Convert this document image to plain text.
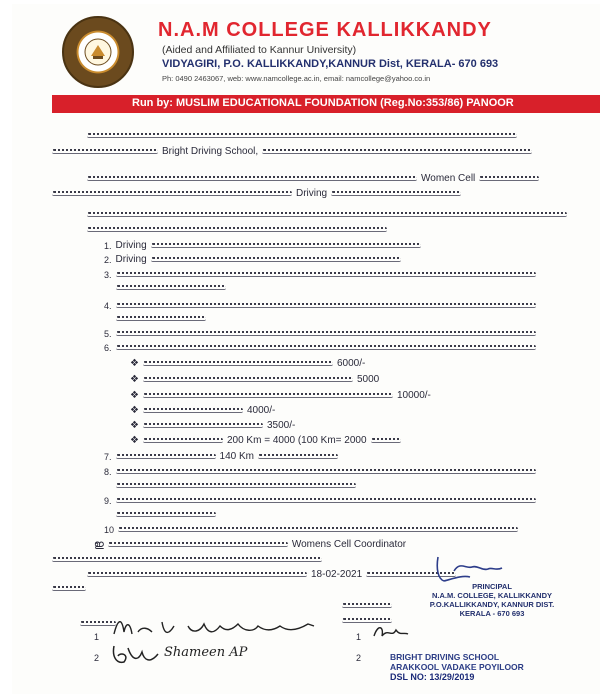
N.A.M COLLEGE KALLIKKANDY
(Aided and Affiliated to Kannur University)
VIDYAGIRI, P.O. KALLIKKANDY,KANNUR Dist, KERALA- 670 693
Ph: 0490 2463067, web: www.namcollege.ac.in, email: namcollege@yahoo.co.in
Run by: MUSLIM EDUCATIONAL FOUNDATION (Reg.No:353/86) PANOOR
Bright Driving School,
Women Cell
Driving
1. Driving
2. Driving
3.
4.
5.
6.
❖	6000/-
❖	5000
❖	10000/-
❖	4000/-
❖	3500/-
❖	200 Km = 4000 (100 Km= 2000
7.	140 Km
8.
9.
10
ഇ	Womens Cell Coordinator
18-02-2021
PRINCIPAL
N.A.M. COLLEGE, KALLIKKANDY
P.O.KALLIKKANDY, KANNUR DIST.
KERALA - 670 693
1
2	Shameen AP
1
2	BRIGHT DRIVING SCHOOL
ARAKKOOL VADAKE POYILOOR
DSL NO: 13/29/2019
